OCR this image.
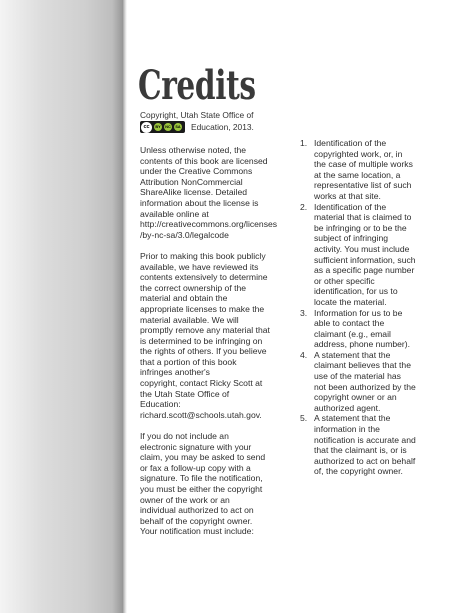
Credits
Copyright, Utah State Office of
cc	BY	NC	SA Education, 2013.

Unless otherwise noted, the
contents of this book are licensed
under the Creative Commons
Attribution NonCommercial
ShareAlike license. Detailed
information about the license is
available online at
http://creativecommons.org/licenses
/by-nc-sa/3.0/legalcode

Prior to making this book publicly
available, we have reviewed its
contents extensively to determine
the correct ownership of the
material and obtain the
appropriate licenses to make the
material available. We will
promptly remove any material that
is determined to be infringing on
the rights of others. If you believe
that a portion of this book
infringes another's
copyright, contact Ricky Scott at
the Utah State Office of
Education:
richard.scott@schools.utah.gov.

If you do not include an
electronic signature with your
claim, you may be asked to send
or fax a follow-up copy with a
signature. To file the notification,
you must be either the copyright
owner of the work or an
individual authorized to act on
behalf of the copyright owner.
Your notification must include:

1. Identification of the
copyrighted work, or, in
the case of multiple works
at the same location, a
representative list of such
works at that site.
2. Identification of the
material that is claimed to
be infringing or to be the
subject of infringing
activity. You must include
sufficient information, such
as a specific page number
or other specific
identification, for us to
locate the material.
3. Information for us to be
able to contact the
claimant (e.g., email
address, phone number).
4. A statement that the
claimant believes that the
use of the material has
not been authorized by the
copyright owner or an
authorized agent.
5. A statement that the
information in the
notification is accurate and
that the claimant is, or is
authorized to act on behalf
of, the copyright owner.
